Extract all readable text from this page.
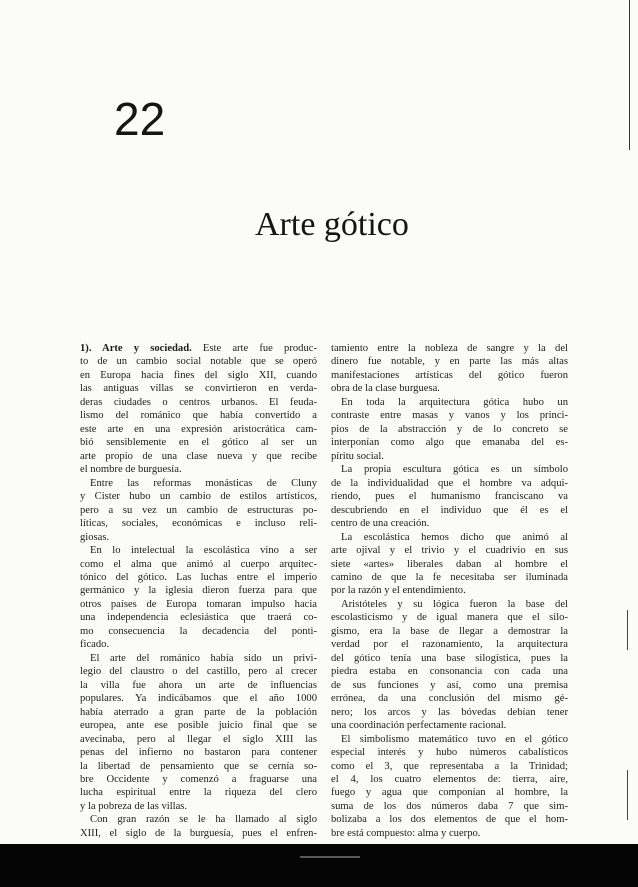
22
Arte gótico
1). Arte y sociedad. Este arte fue produc-
to de un cambio social notable que se operó
en Europa hacia fines del siglo XII, cuando
las antiguas villas se convirtieron en verda-
deras ciudades o centros urbanos. El feuda-
lismo del románico que había convertido a
este arte en una expresión aristocrática cam-
bió sensiblemente en el gótico al ser un
arte propio de una clase nueva y que recibe
el nombre de burguesía.
Entre las reformas monásticas de Cluny
y Cister hubo un cambio de estilos artísticos,
pero a su vez un cambio de estructuras po-
líticas, sociales, económicas e incluso reli-
giosas.
En lo intelectual la escolástica vino a ser
como el alma que animó al cuerpo arquitec-
tónico del gótico. Las luchas entre el imperio
germánico y la iglesia dieron fuerza para que
otros países de Europa tomaran impulso hacia
una independencia eclesiástica que traerá co-
mo consecuencia la decadencia del ponti-
ficado.
El arte del románico había sido un privi-
legio del claustro o del castillo, pero al crecer
la villa fue ahora un arte de influencias
populares. Ya indicábamos que el año 1000
había aterrado a gran parte de la población
europea, ante ese posible juicio final que se
avecinaba, pero al llegar el siglo XIII las
penas del infierno no bastaron para contener
la libertad de pensamiento que se cernía so-
bre Occidente y comenzó a fraguarse una
lucha espiritual entre la riqueza del clero
y la pobreza de las villas.
Con gran razón se le ha llamado al siglo
XIII, el siglo de la burguesía, pues el enfren-
tamiento entre la nobleza de sangre y la del
dinero fue notable, y en parte las más altas
manifestaciones artísticas del gótico fueron
obra de la clase burguesa.
En toda la arquitectura gótica hubo un
contraste entre masas y vanos y los princi-
pios de la abstracción y de lo concreto se
interponían como algo que emanaba del es-
píritu social.
La propia escultura gótica es un símbolo
de la individualidad que el hombre va adqui-
riendo, pues el humanismo franciscano va
descubriendo en el individuo que él es el
centro de una creación.
La escolástica hemos dicho que animó al
arte ojival y el trivio y el cuadrivio en sus
siete «artes» liberales daban al hombre el
camino de que la fe necesitaba ser iluminada
por la razón y el entendimiento.
Aristóteles y su lógica fueron la base del
escolasticismo y de igual manera que el silo-
gismo, era la base de llegar a demostrar la
verdad por el razonamiento, la arquitectura
del gótico tenía una base silogística, pues la
piedra estaba en consonancia con cada una
de sus funciones y así, como una premisa
errónea, da una conclusión del mismo gé-
nero; los arcos y las bóvedas debían tener
una coordinación perfectamente racional.
El simbolismo matemático tuvo en el gótico
especial interés y hubo números cabalísticos
como el 3, que representaba a la Trinidad;
el 4, los cuatro elementos de: tierra, aire,
fuego y agua que componían al hombre, la
suma de los dos números daba 7 que sim-
bolizaba a los dos elementos de que el hom-
bre está compuesto: alma y cuerpo.
